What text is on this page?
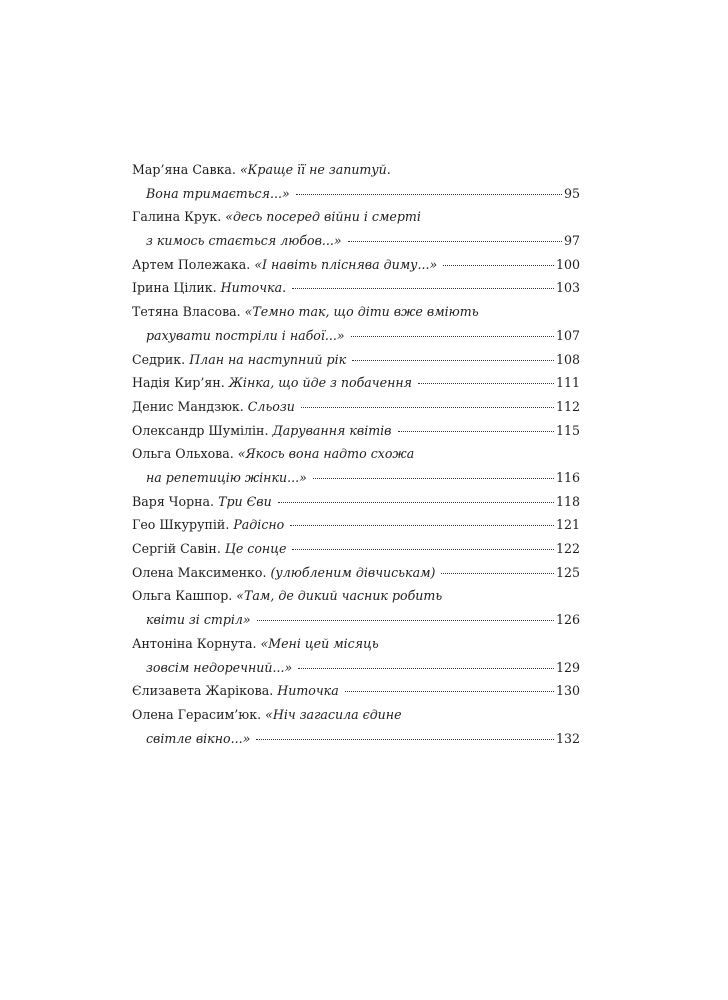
Мар’яна Савка. «Краще її не запитуй.
Вона тримається...»	95
Галина Крук. «десь посеред війни і смерті
з кимось стається любов...»	97
Артем Полежака. «І навіть пліснява диму...»	100
Ірина Цілик. Ниточка.	103
Тетяна Власова. «Темно так, що діти вже вміють
рахувати постріли і набої...»	107
Седрик. План на наступний рік	108
Надія Кир’ян. Жінка, що йде з побачення	111
Денис Мандзюк. Сльози	112
Олександр Шумілін. Дарування квітів	115
Ольга Ольхова. «Якось вона надто схожа
на репетицію жінки...»	116
Варя Чорна. Три Єви	118
Гео Шкурупій. Радісно	121
Сергій Савін. Це сонце	122
Олена Максименко. (улюбленим дівчиськам)	125
Ольга Кашпор. «Там, де дикий часник робить
квіти зі стріл»	126
Антоніна Корнута. «Мені цей місяць
зовсім недоречний...»	129
Єлизавета Жарікова. Ниточка	130
Олена Герасим’юк. «Ніч загасила єдине
світле вікно...»	132
